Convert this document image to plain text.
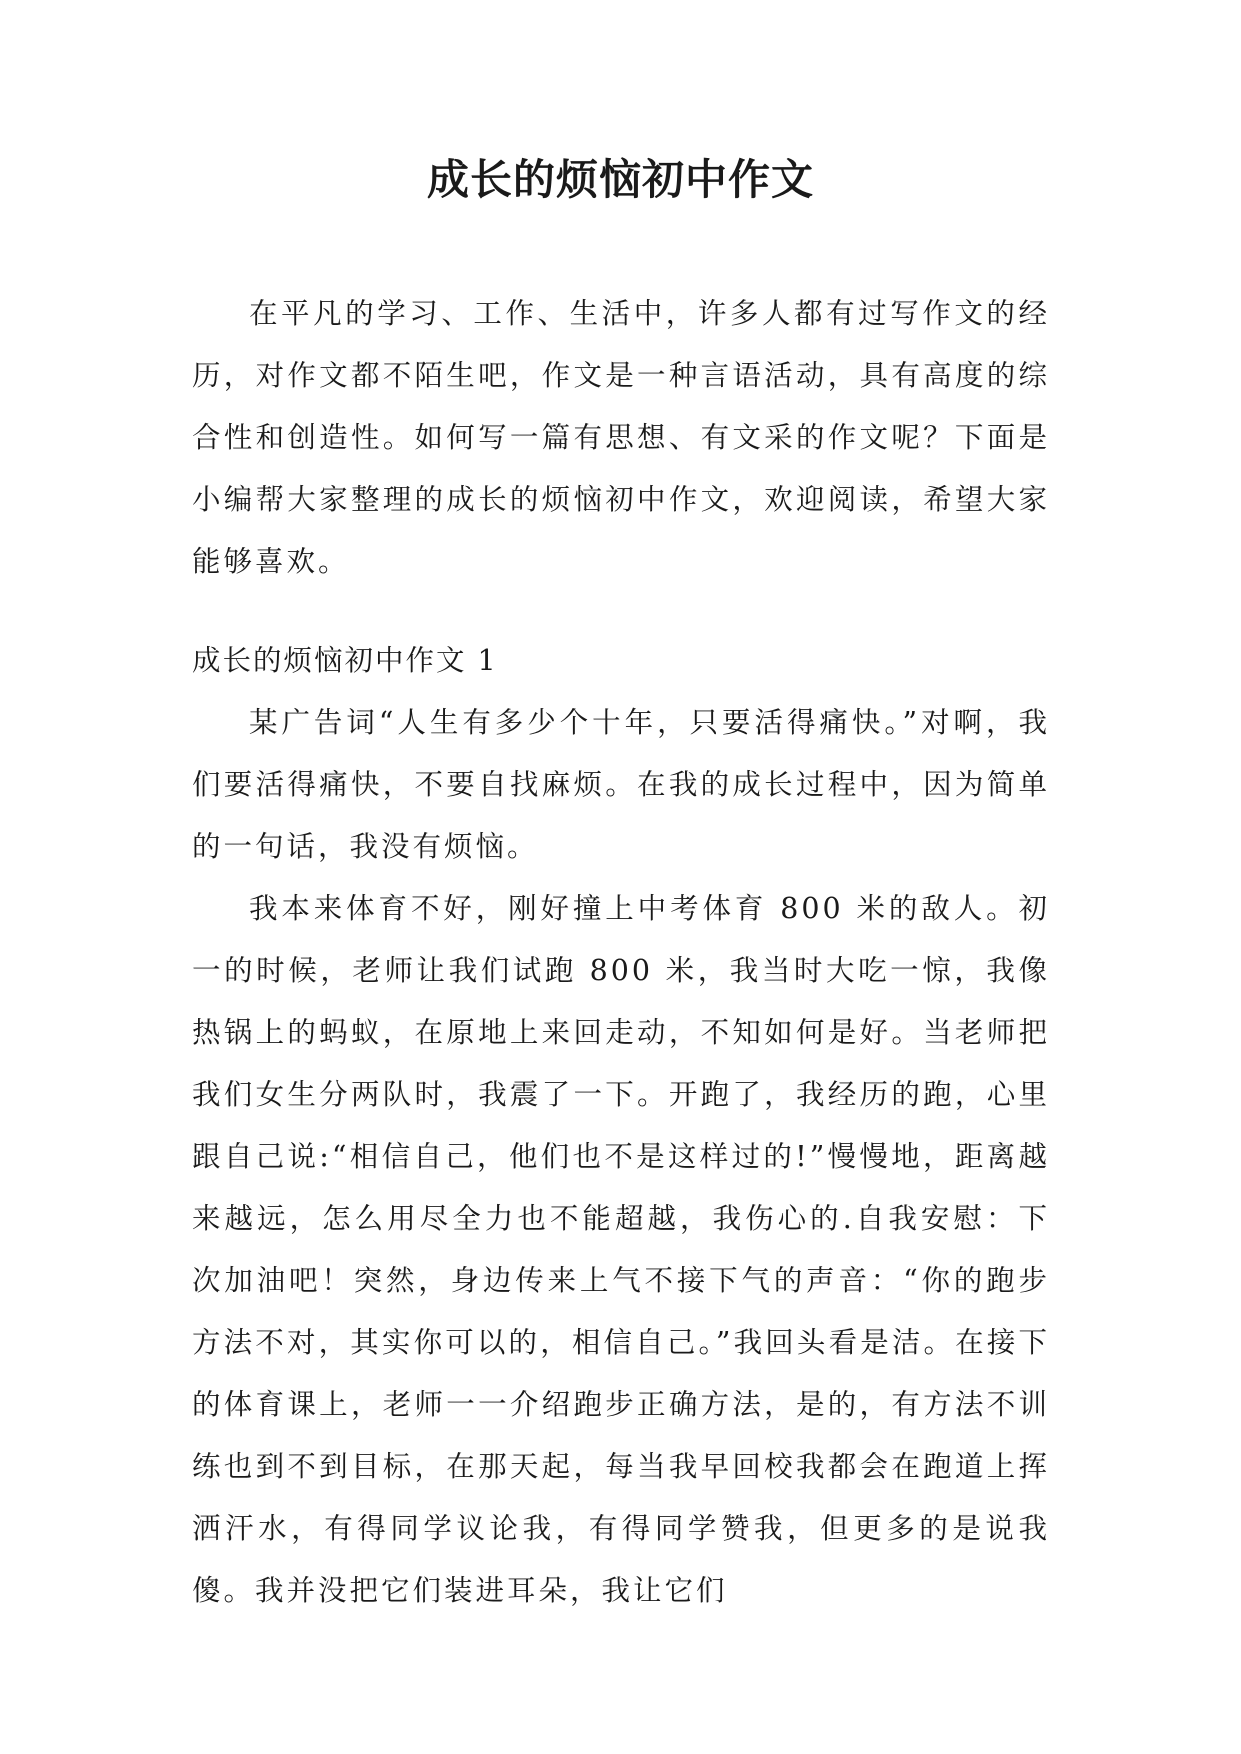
成长的烦恼初中作文

在平凡的学习、工作、生活中，许多人都有过写作文的经历，对作文都不陌生吧，作文是一种言语活动，具有高度的综合性和创造性。如何写一篇有思想、有文采的作文呢？下面是小编帮大家整理的成长的烦恼初中作文，欢迎阅读，希望大家能够喜欢。

成长的烦恼初中作文 1

某广告词“人生有多少个十年，只要活得痛快。”对啊，我们要活得痛快，不要自找麻烦。在我的成长过程中，因为简单的一句话，我没有烦恼。

我本来体育不好，刚好撞上中考体育 800 米的敌人。初一的时候，老师让我们试跑 800 米，我当时大吃一惊，我像热锅上的蚂蚁，在原地上来回走动，不知如何是好。当老师把我们女生分两队时，我震了一下。开跑了，我经历的跑，心里跟自己说:“相信自己，他们也不是这样过的!”慢慢地，距离越来越远，怎么用尽全力也不能超越，我伤心的.自我安慰：下次加油吧！突然，身边传来上气不接下气的声音：“你的跑步方法不对，其实你可以的，相信自己。”我回头看是洁。在接下的体育课上，老师一一介绍跑步正确方法，是的，有方法不训练也到不到目标，在那天起，每当我早回校我都会在跑道上挥洒汗水，有得同学议论我，有得同学赞我，但更多的是说我傻。我并没把它们装进耳朵，我让它们
